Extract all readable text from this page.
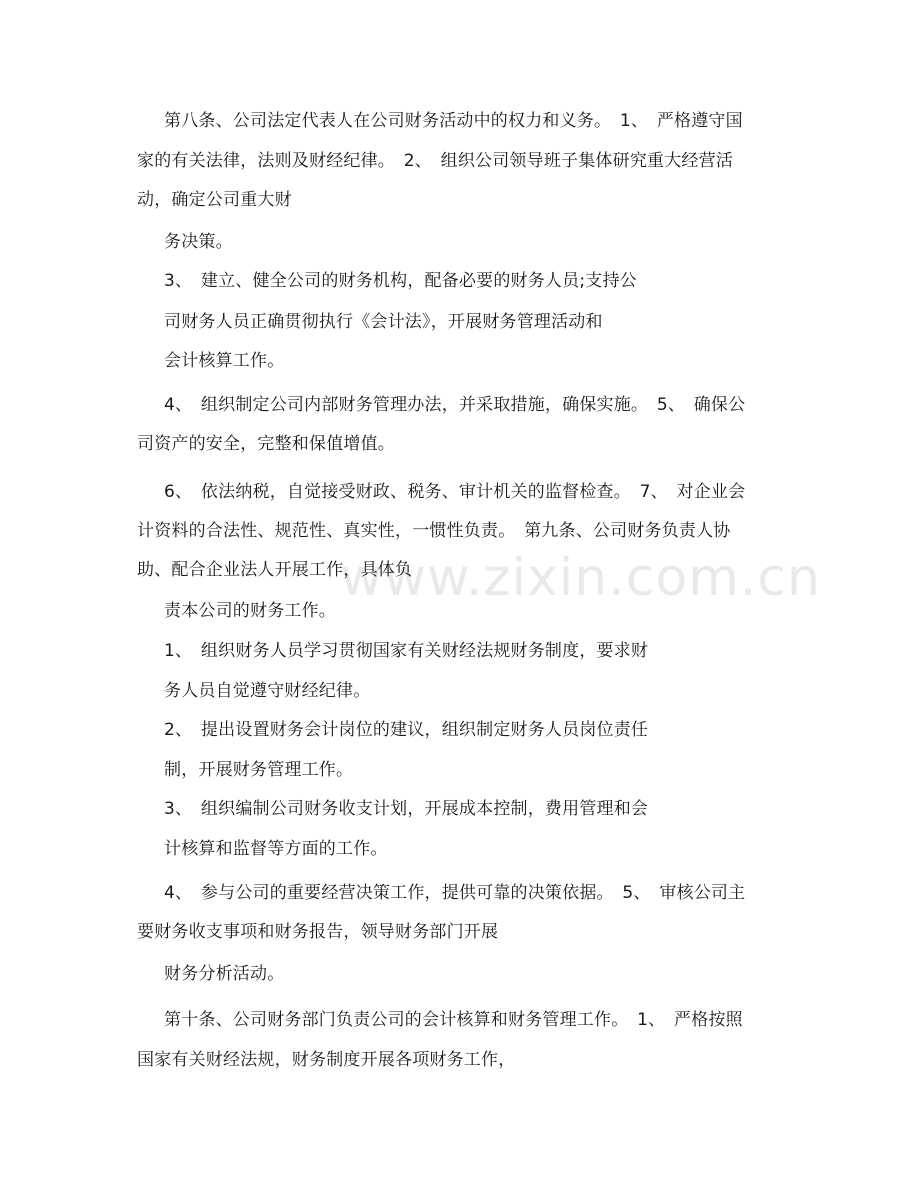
www.zixin.com.cn
第八条、公司法定代表人在公司财务活动中的权力和义务。　1、　严格遵守国
家的有关法律，法则及财经纪律。　2、　组织公司领导班子集体研究重大经营活
动，确定公司重大财
务决策。
3、　建立、健全公司的财务机构，配备必要的财务人员;支持公
司财务人员正确贯彻执行《会计法》，开展财务管理活动和
会计核算工作。
4、　组织制定公司内部财务管理办法，并采取措施，确保实施。　5、　确保公
司资产的安全，完整和保值增值。
6、　依法纳税，自觉接受财政、税务、审计机关的监督检查。　7、　对企业会
计资料的合法性、规范性、真实性，一惯性负责。　第九条、公司财务负责人协
助、配合企业法人开展工作，具体负
责本公司的财务工作。
1、　组织财务人员学习贯彻国家有关财经法规财务制度，要求财
务人员自觉遵守财经纪律。
2、　提出设置财务会计岗位的建议，组织制定财务人员岗位责任
制，开展财务管理工作。
3、　组织编制公司财务收支计划，开展成本控制，费用管理和会
计核算和监督等方面的工作。
4、　参与公司的重要经营决策工作，提供可靠的决策依据。　5、　审核公司主
要财务收支事项和财务报告，领导财务部门开展
财务分析活动。
第十条、公司财务部门负责公司的会计核算和财务管理工作。　1、　严格按照
国家有关财经法规，财务制度开展各项财务工作，
